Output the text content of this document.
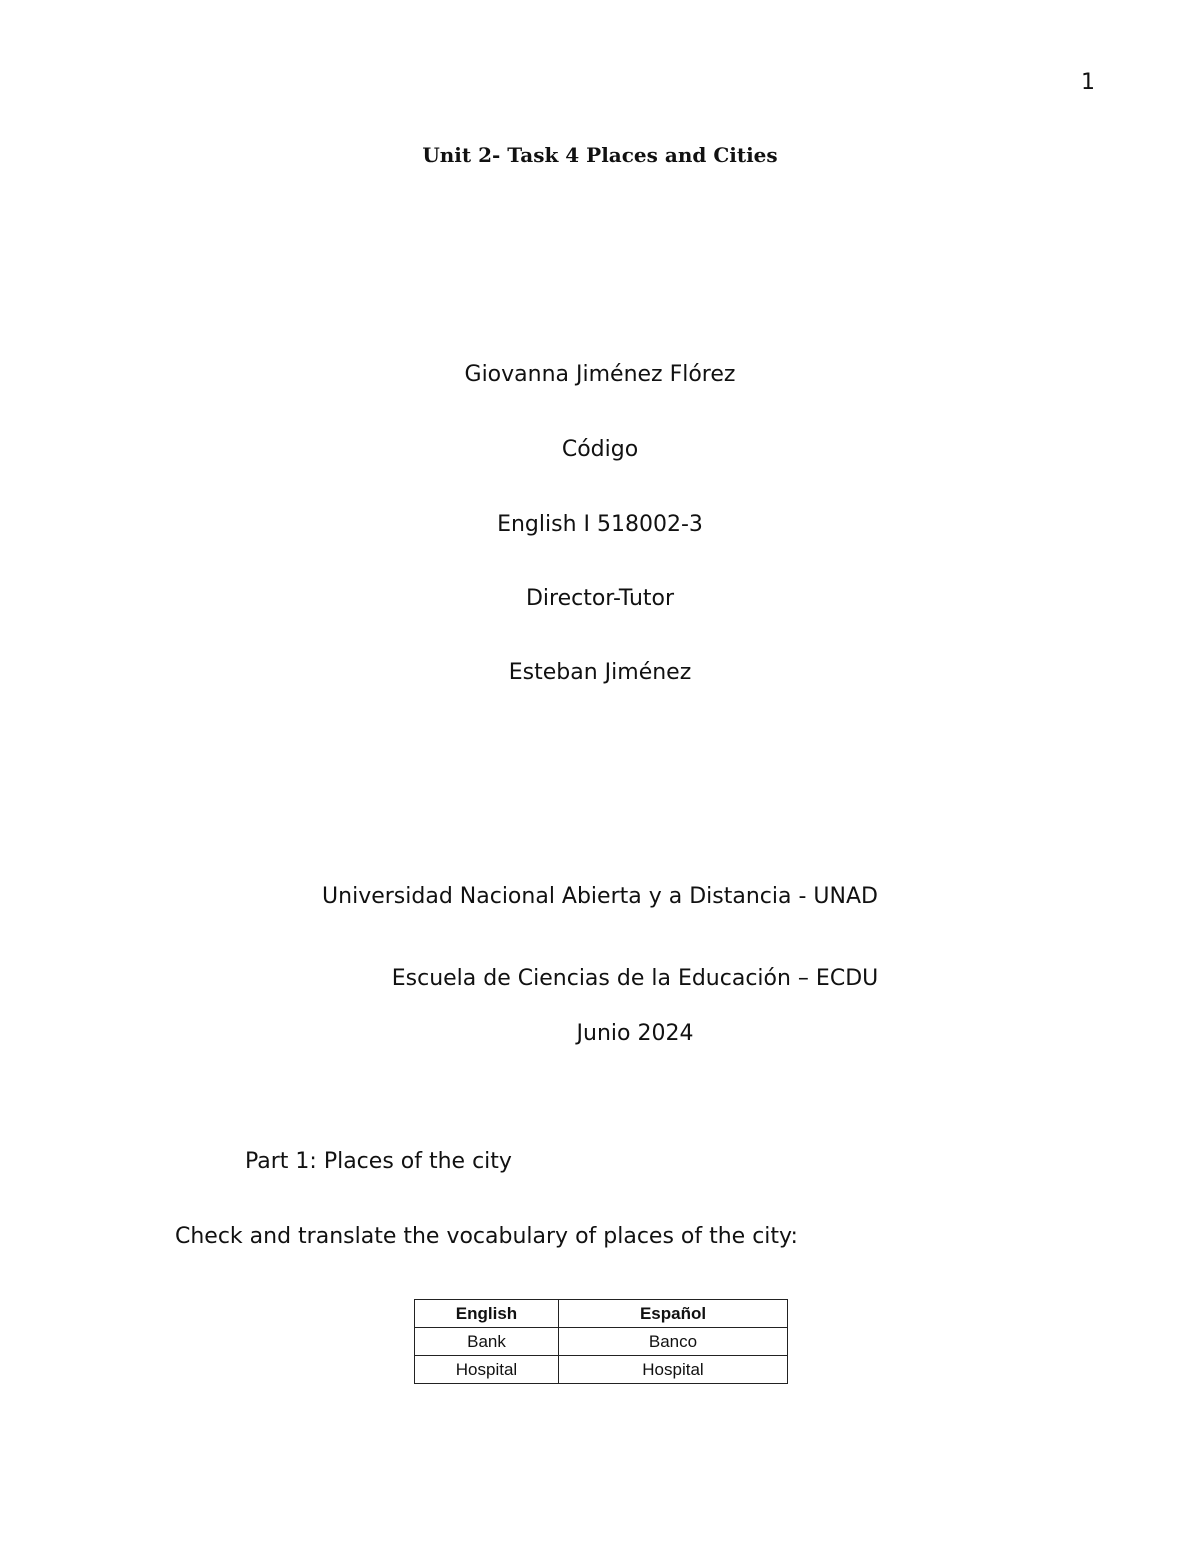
1
Unit 2- Task 4 Places and Cities
Giovanna Jiménez Flórez
Código
English I 518002-3
Director-Tutor
Esteban Jiménez
Universidad Nacional Abierta y a Distancia - UNAD
Escuela de Ciencias de la Educación – ECDU
Junio 2024
Part 1: Places of the city
Check and translate the vocabulary of places of the city:
English	Español
Bank	Banco
Hospital	Hospital
